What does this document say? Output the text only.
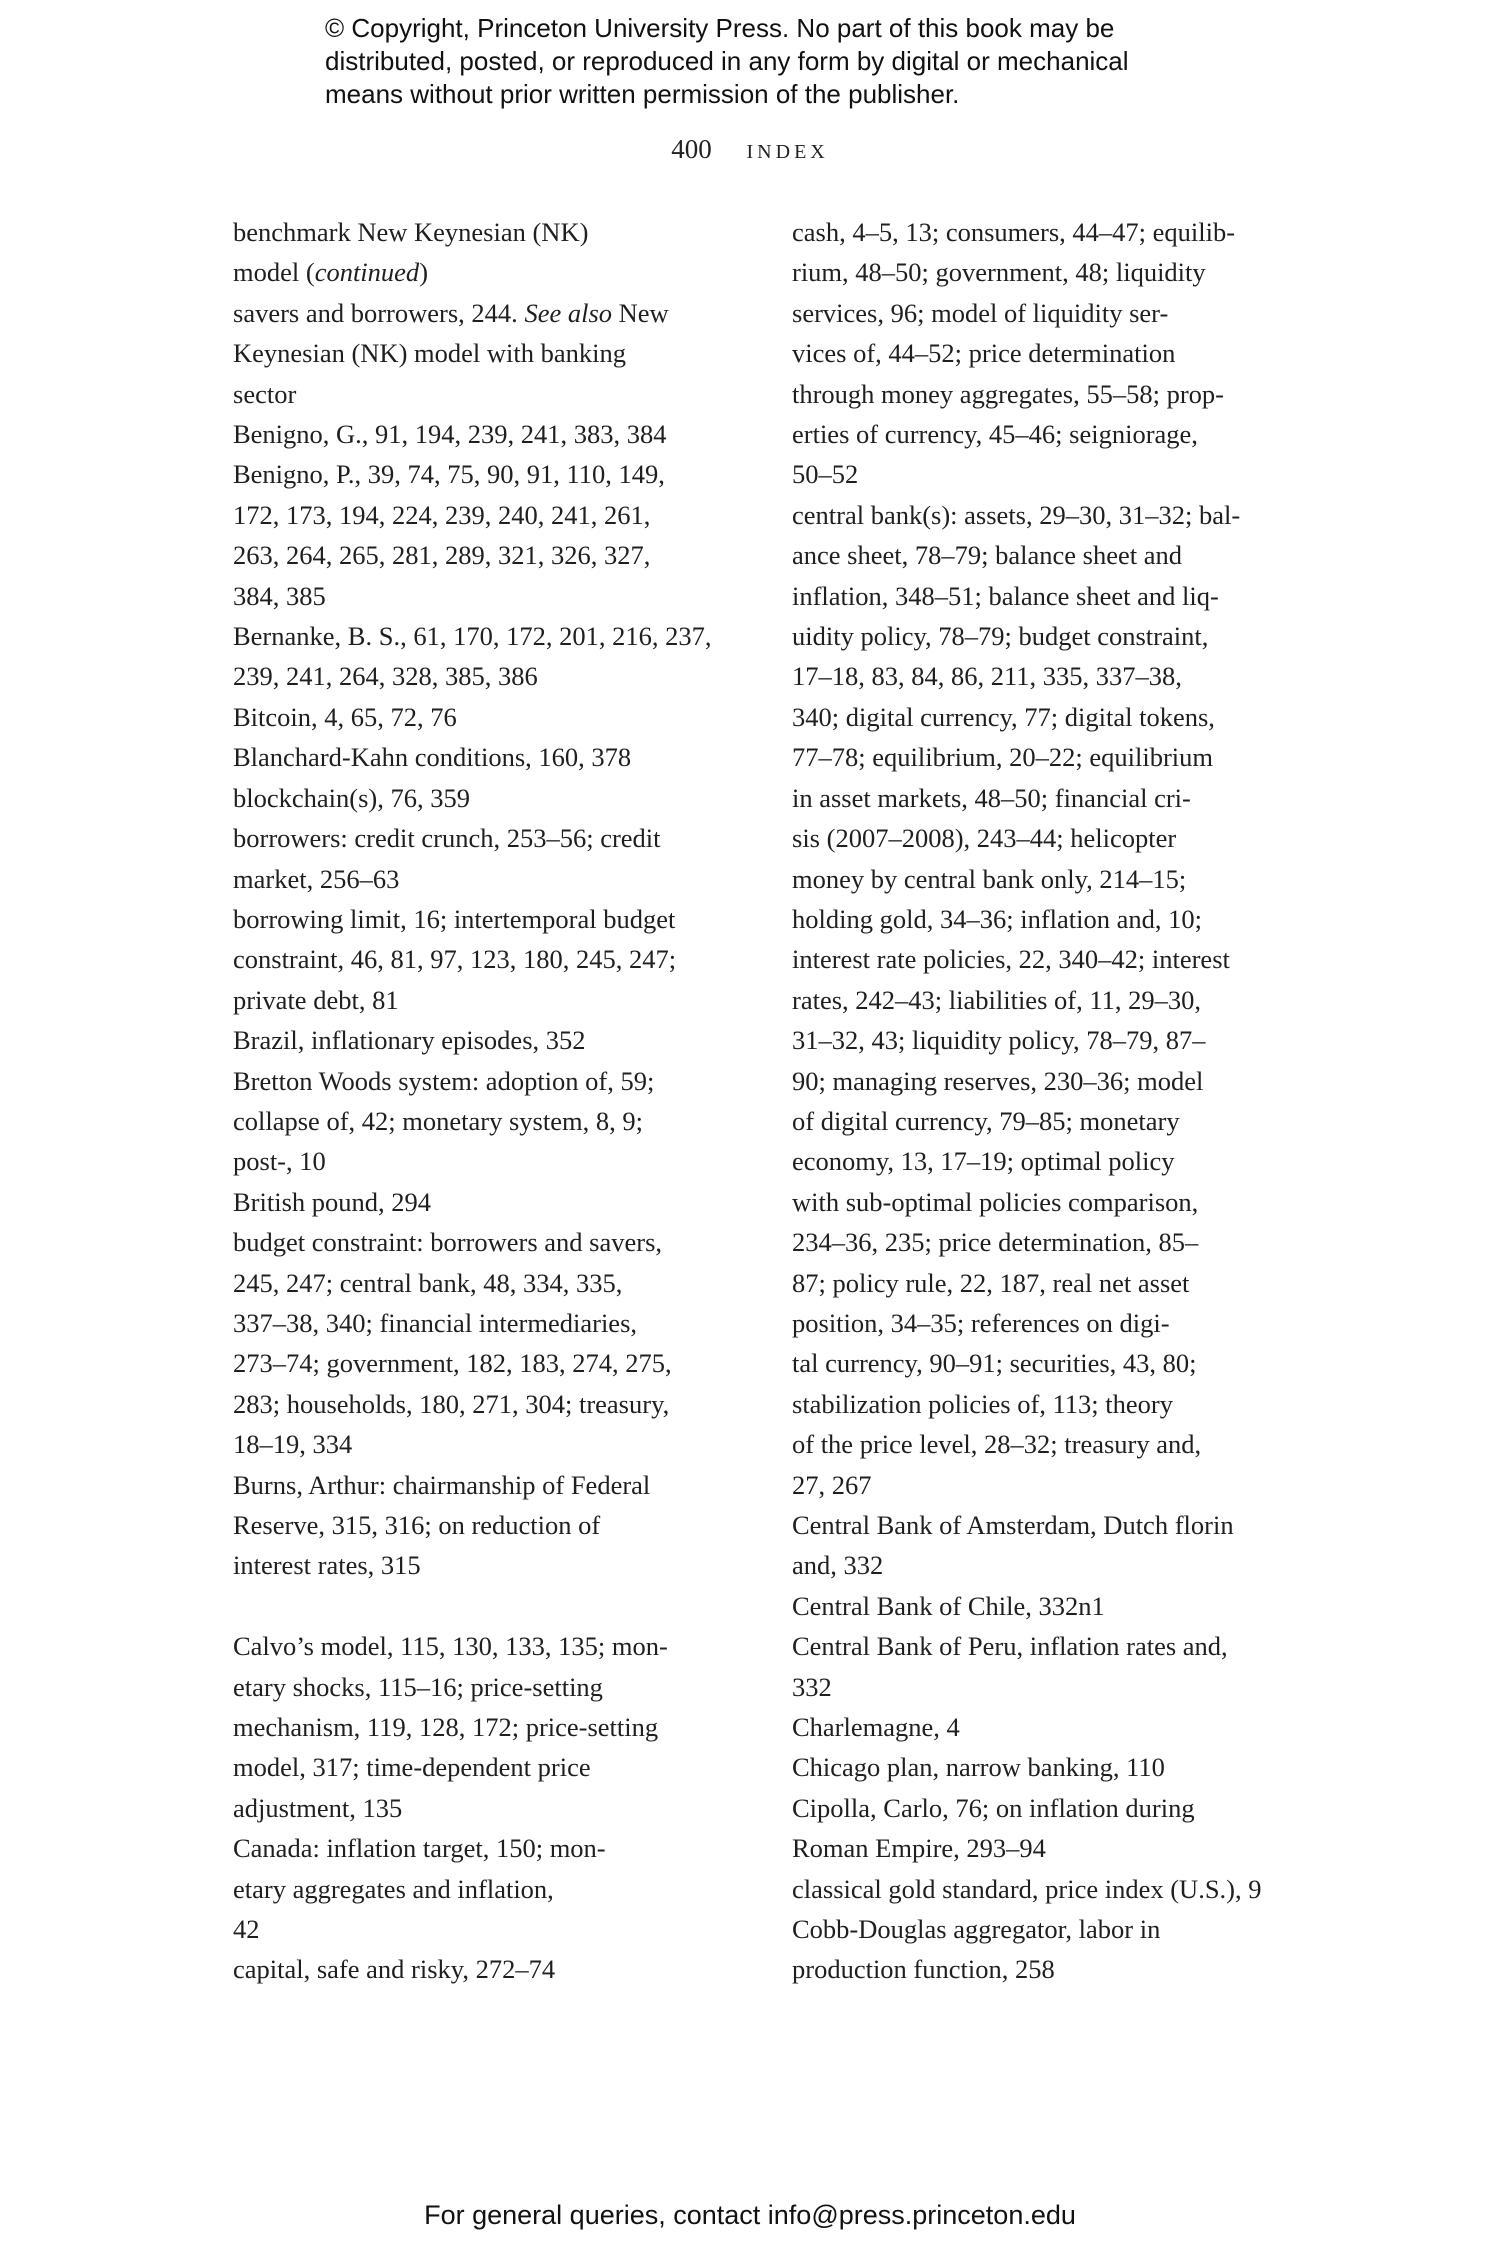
© Copyright, Princeton University Press. No part of this book may be
distributed, posted, or reproduced in any form by digital or mechanical
means without prior written permission of the publisher.
400 INDEX
benchmark New Keynesian (NK)
model (continued)
savers and borrowers, 244. See also New
Keynesian (NK) model with banking
sector
Benigno, G., 91, 194, 239, 241, 383, 384
Benigno, P., 39, 74, 75, 90, 91, 110, 149,
172, 173, 194, 224, 239, 240, 241, 261,
263, 264, 265, 281, 289, 321, 326, 327,
384, 385
Bernanke, B. S., 61, 170, 172, 201, 216, 237,
239, 241, 264, 328, 385, 386
Bitcoin, 4, 65, 72, 76
Blanchard-Kahn conditions, 160, 378
blockchain(s), 76, 359
borrowers: credit crunch, 253–56; credit
market, 256–63
borrowing limit, 16; intertemporal budget
constraint, 46, 81, 97, 123, 180, 245, 247;
private debt, 81
Brazil, inflationary episodes, 352
Bretton Woods system: adoption of, 59;
collapse of, 42; monetary system, 8, 9;
post-, 10
British pound, 294
budget constraint: borrowers and savers,
245, 247; central bank, 48, 334, 335,
337–38, 340; financial intermediaries,
273–74; government, 182, 183, 274, 275,
283; households, 180, 271, 304; treasury,
18–19, 334
Burns, Arthur: chairmanship of Federal
Reserve, 315, 316; on reduction of
interest rates, 315
Calvo’s model, 115, 130, 133, 135; mon-
etary shocks, 115–16; price-setting
mechanism, 119, 128, 172; price-setting
model, 317; time-dependent price
adjustment, 135
Canada: inflation target, 150; mon-
etary aggregates and inflation,
42
capital, safe and risky, 272–74
cash, 4–5, 13; consumers, 44–47; equilib-
rium, 48–50; government, 48; liquidity
services, 96; model of liquidity ser-
vices of, 44–52; price determination
through money aggregates, 55–58; prop-
erties of currency, 45–46; seigniorage,
50–52
central bank(s): assets, 29–30, 31–32; bal-
ance sheet, 78–79; balance sheet and
inflation, 348–51; balance sheet and liq-
uidity policy, 78–79; budget constraint,
17–18, 83, 84, 86, 211, 335, 337–38,
340; digital currency, 77; digital tokens,
77–78; equilibrium, 20–22; equilibrium
in asset markets, 48–50; financial cri-
sis (2007–2008), 243–44; helicopter
money by central bank only, 214–15;
holding gold, 34–36; inflation and, 10;
interest rate policies, 22, 340–42; interest
rates, 242–43; liabilities of, 11, 29–30,
31–32, 43; liquidity policy, 78–79, 87–
90; managing reserves, 230–36; model
of digital currency, 79–85; monetary
economy, 13, 17–19; optimal policy
with sub-optimal policies comparison,
234–36, 235; price determination, 85–
87; policy rule, 22, 187, real net asset
position, 34–35; references on digi-
tal currency, 90–91; securities, 43, 80;
stabilization policies of, 113; theory
of the price level, 28–32; treasury and,
27, 267
Central Bank of Amsterdam, Dutch florin
and, 332
Central Bank of Chile, 332n1
Central Bank of Peru, inflation rates and,
332
Charlemagne, 4
Chicago plan, narrow banking, 110
Cipolla, Carlo, 76; on inflation during
Roman Empire, 293–94
classical gold standard, price index (U.S.), 9
Cobb-Douglas aggregator, labor in
production function, 258
For general queries, contact info@press.princeton.edu
